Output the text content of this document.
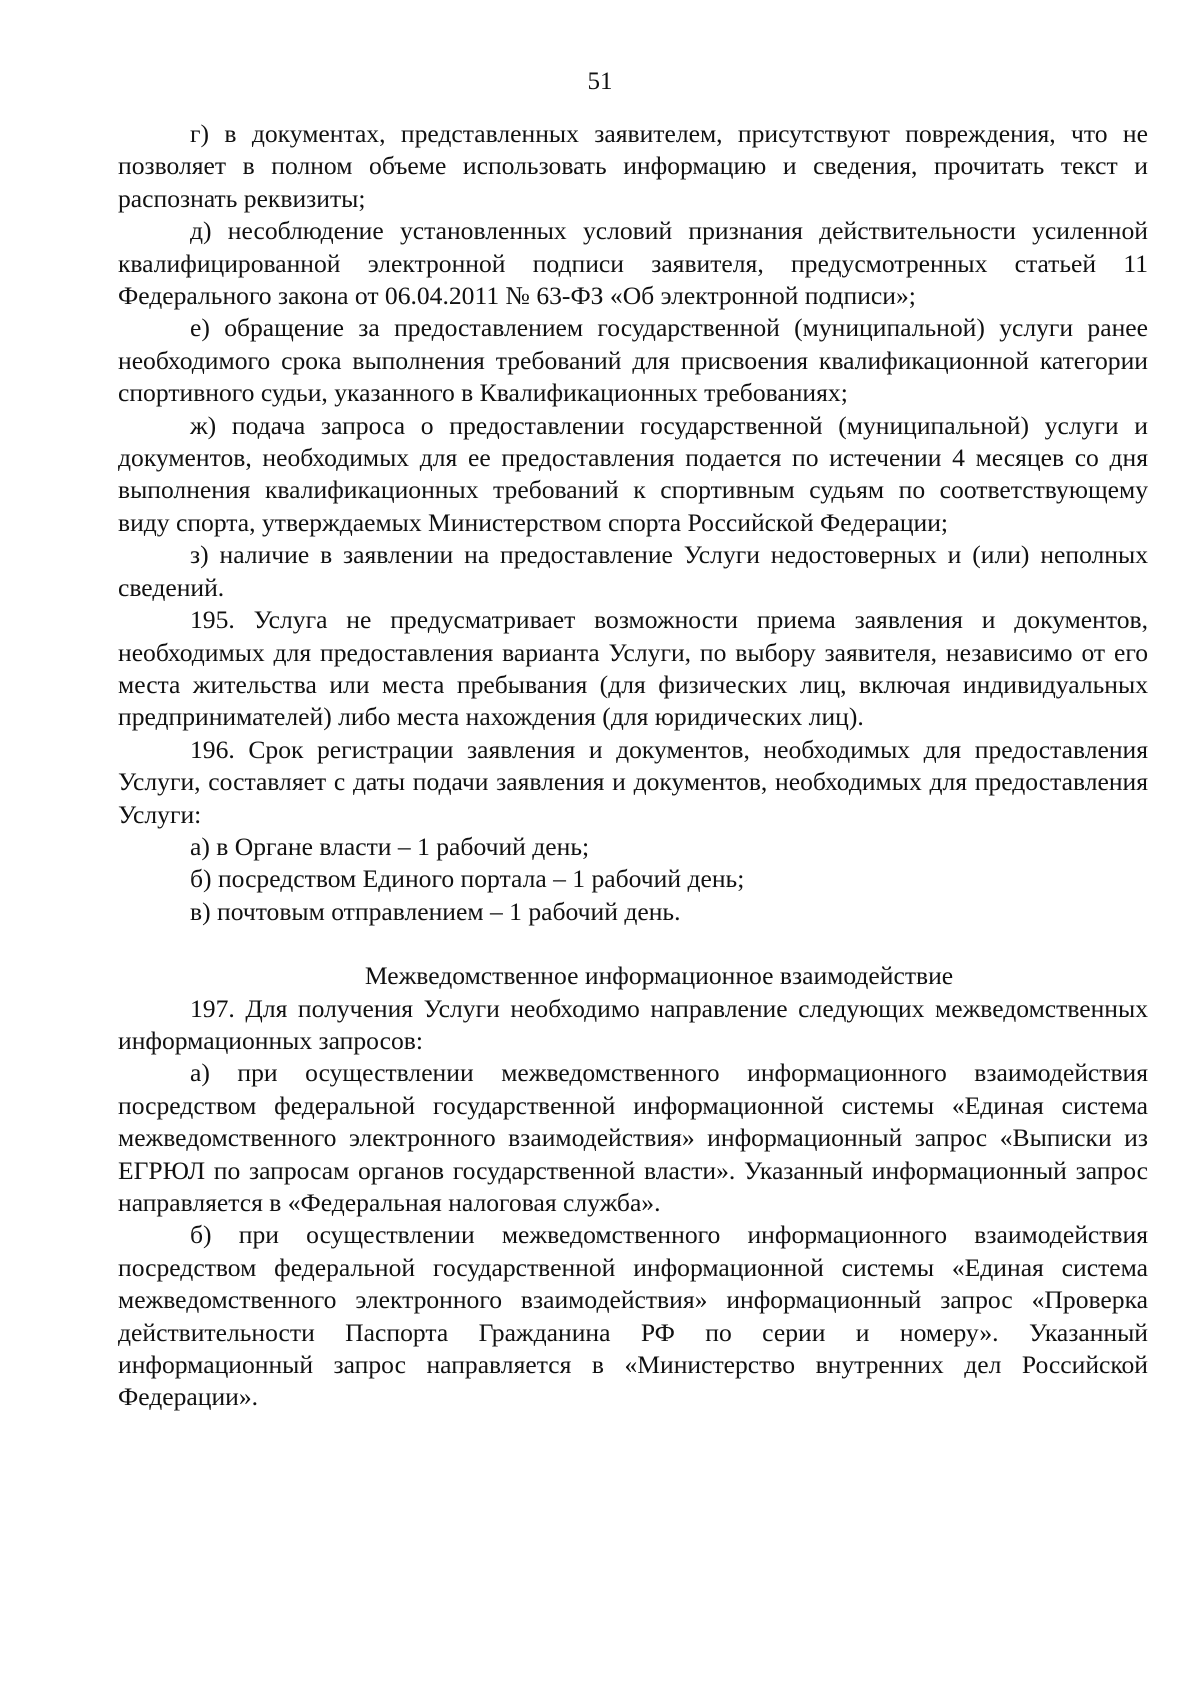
51

г) в документах, представленных заявителем, присутствуют повреждения, что не позволяет в полном объеме использовать информацию и сведения, прочитать текст и распознать реквизиты;

д) несоблюдение установленных условий признания действительности усиленной квалифицированной электронной подписи заявителя, предусмотренных статьей 11 Федерального закона от 06.04.2011 № 63-ФЗ «Об электронной подписи»;

е) обращение за предоставлением государственной (муниципальной) услуги ранее необходимого срока выполнения требований для присвоения квалификационной категории спортивного судьи, указанного в Квалификационных требованиях;

ж) подача запроса о предоставлении государственной (муниципальной) услуги и документов, необходимых для ее предоставления подается по истечении 4 месяцев со дня выполнения квалификационных требований к спортивным судьям по соответствующему виду спорта, утверждаемых Министерством спорта Российской Федерации;

з) наличие в заявлении на предоставление Услуги недостоверных и (или) неполных сведений.

195. Услуга не предусматривает возможности приема заявления и документов, необходимых для предоставления варианта Услуги, по выбору заявителя, независимо от его места жительства или места пребывания (для физических лиц, включая индивидуальных предпринимателей) либо места нахождения (для юридических лиц).

196. Срок регистрации заявления и документов, необходимых для предоставления Услуги, составляет с даты подачи заявления и документов, необходимых для предоставления Услуги:

а) в Органе власти – 1 рабочий день;

б) посредством Единого портала – 1 рабочий день;

в) почтовым отправлением – 1 рабочий день.

Межведомственное информационное взаимодействие

197. Для получения Услуги необходимо направление следующих межведомственных информационных запросов:

а) при осуществлении межведомственного информационного взаимодействия посредством федеральной государственной информационной системы «Единая система межведомственного электронного взаимодействия» информационный запрос «Выписки из ЕГРЮЛ по запросам органов государственной власти». Указанный информационный запрос направляется в «Федеральная налоговая служба».

б) при осуществлении межведомственного информационного взаимодействия посредством федеральной государственной информационной системы «Единая система межведомственного электронного взаимодействия» информационный запрос «Проверка действительности Паспорта Гражданина РФ по серии и номеру». Указанный информационный запрос направляется в «Министерство внутренних дел Российской Федерации».
